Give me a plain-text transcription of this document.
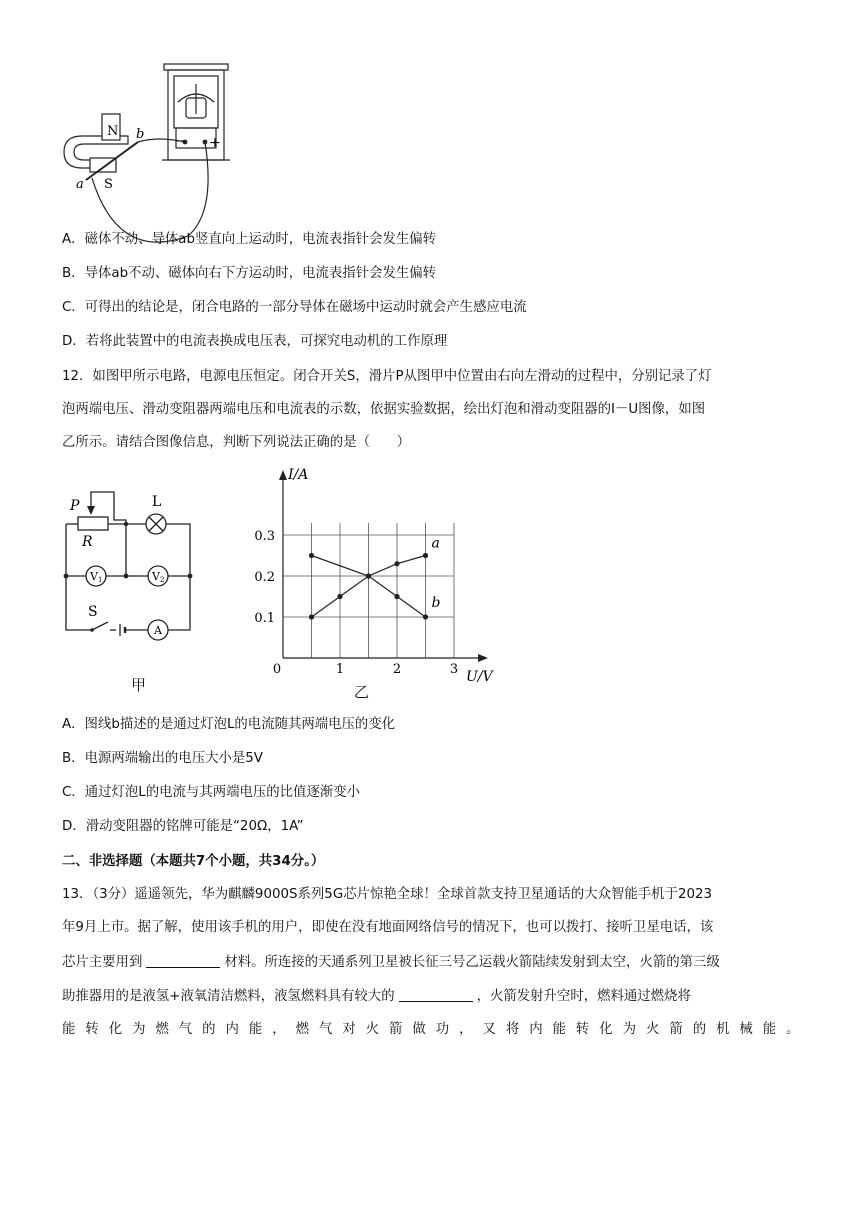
− +
N
S
a
b
A．磁体不动、导体ab竖直向上运动时，电流表指针会发生偏转
B．导体ab不动、磁体向右下方运动时，电流表指针会发生偏转
C．可得出的结论是，闭合电路的一部分导体在磁场中运动时就会产生感应电流
D．若将此装置中的电流表换成电压表，可探究电动机的工作原理
12．如图甲所示电路，电源电压恒定。闭合开关S，滑片P从图甲中位置由右向左滑动的过程中，分别记录了灯
泡两端电压、滑动变阻器两端电压和电流表的示数，依据实验数据，绘出灯泡和滑动变阻器的I－U图像，如图
乙所示。请结合图像信息，判断下列说法正确的是（　　）
P
R
L
S
V1	V2
A
甲
I/A
U/V
0	1	2	3
0.1
0.2
0.3	a
b
乙
A．图线b描述的是通过灯泡L的电流随其两端电压的变化
B．电源两端输出的电压大小是5V
C．通过灯泡L的电流与其两端电压的比值逐渐变小
D．滑动变阻器的铭牌可能是“20Ω，1A”
二、非选择题（本题共7个小题，共34分。）
13．（3分）遥遥领先，华为麒麟9000S系列5G芯片惊艳全球！全球首款支持卫星通话的大众智能手机于2023
年9月上市。据了解，使用该手机的用户，即使在没有地面网络信号的情况下，也可以拨打、接听卫星电话，该
芯片主要用到	材料。所连接的天通系列卫星被长征三号乙运载火箭陆续发射到太空，火箭的第三级
助推器用的是液氢+液氧清洁燃料，液氢燃料具有较大的	，火箭发射升空时，燃料通过燃烧将
能 转 化 为 燃 气 的 内 能 ， 燃 气 对 火 箭 做 功 ， 又 将 内 能 转 化 为 火 箭 的 机 械 能 。
